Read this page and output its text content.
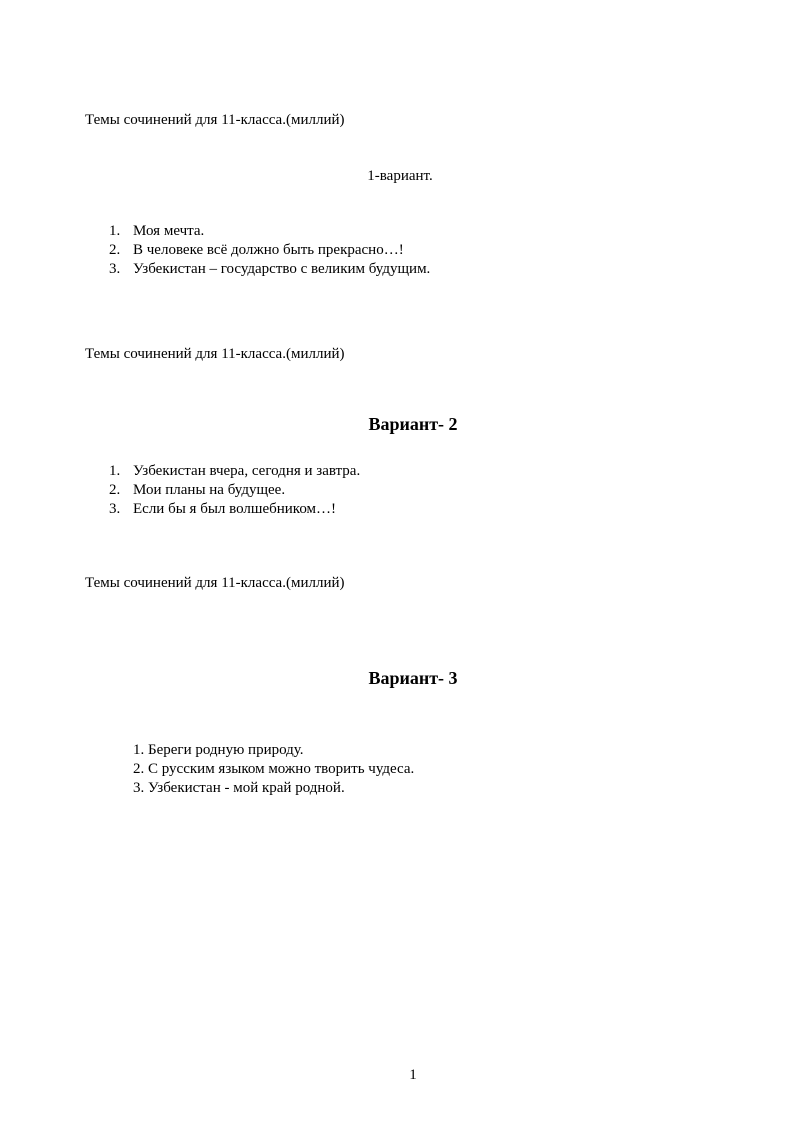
Темы сочинений для 11-класса.(миллий)
1-вариант.
1. Моя мечта.
2. В человеке всё должно быть прекрасно…!
3. Узбекистан – государство с великим будущим.
Темы сочинений для 11-класса.(миллий)
Вариант- 2
1. Узбекистан вчера, сегодня и завтра.
2. Мои планы на будущее.
3. Если бы я был волшебником…!
Темы сочинений для 11-класса.(миллий)
Вариант- 3
1. Береги родную природу.
2. С русским языком можно творить чудеса.
3. Узбекистан - мой край родной.
1
